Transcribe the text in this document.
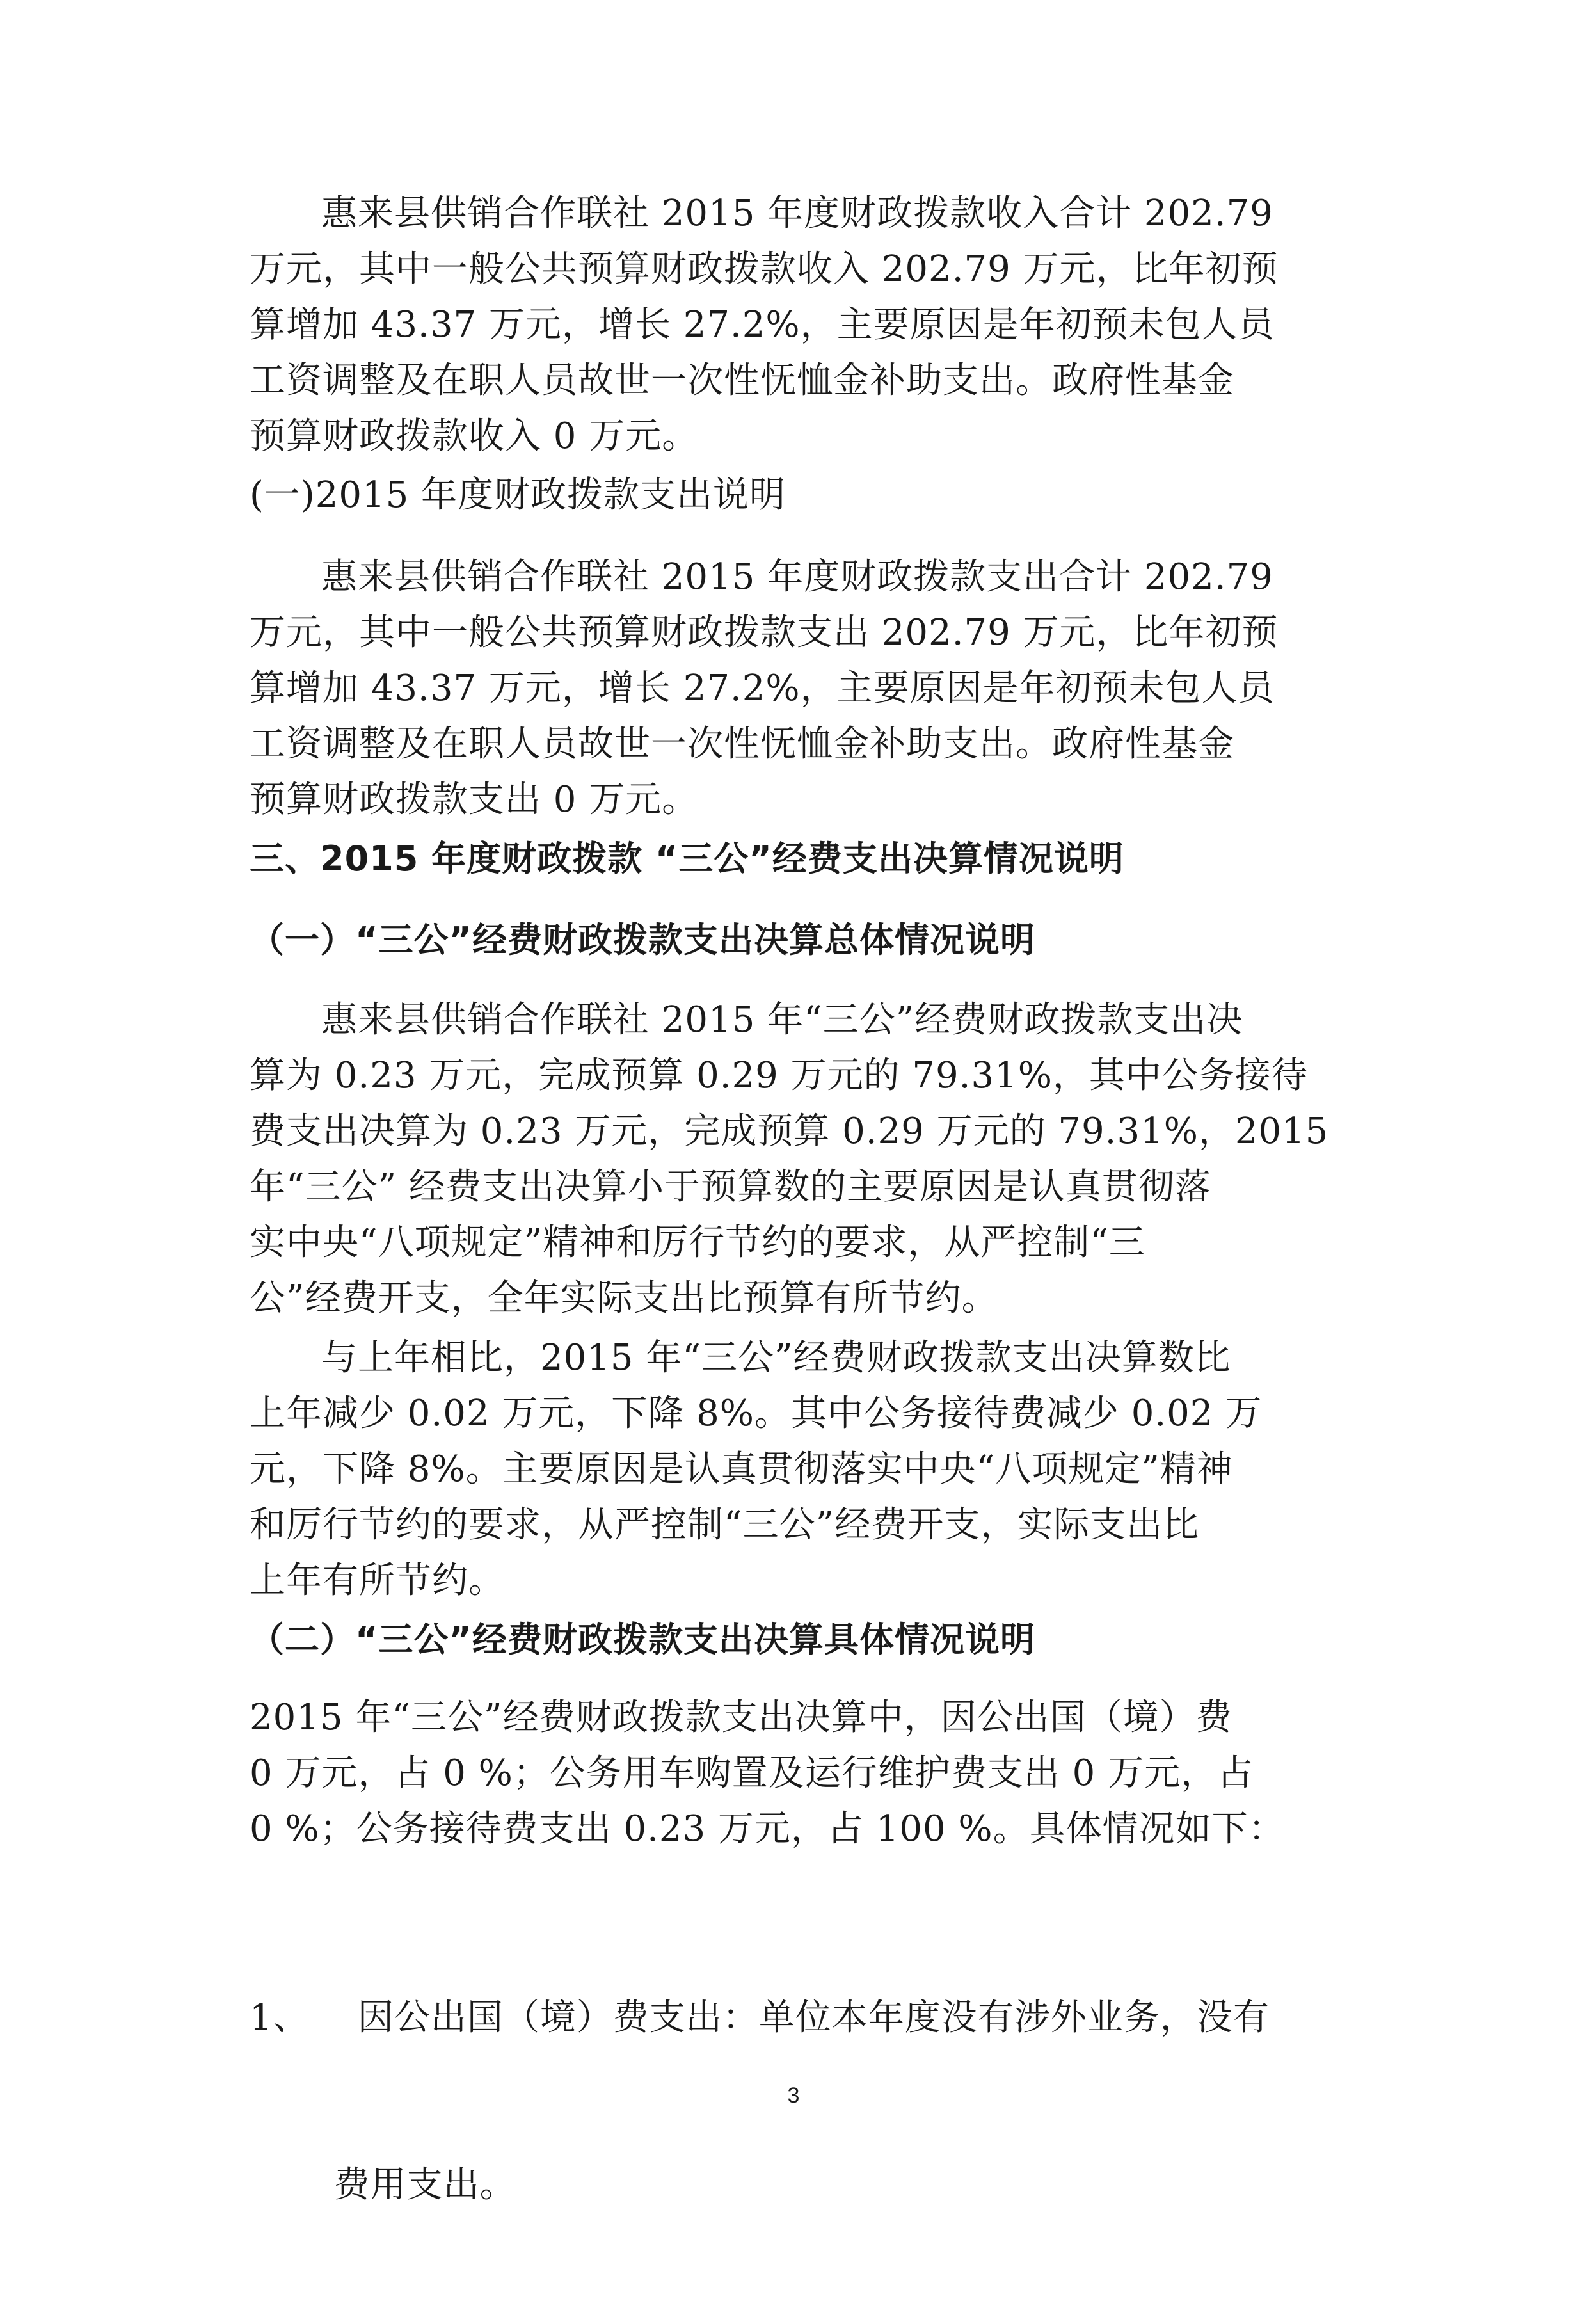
惠来县供销合作联社 2015 年度财政拨款收入合计 202.79
万元，其中一般公共预算财政拨款收入 202.79 万元，比年初预
算增加 43.37 万元，增长 27.2%，主要原因是年初预未包人员
工资调整及在职人员故世一次性怃恤金补助支出。政府性基金
预算财政拨款收入 0 万元。

(一)2015 年度财政拨款支出说明

惠来县供销合作联社 2015 年度财政拨款支出合计 202.79
万元，其中一般公共预算财政拨款支出 202.79 万元，比年初预
算增加 43.37 万元，增长 27.2%，主要原因是年初预未包人员
工资调整及在职人员故世一次性怃恤金补助支出。政府性基金
预算财政拨款支出 0 万元。

三、2015 年度财政拨款 “三公”经费支出决算情况说明

（一）“三公”经费财政拨款支出决算总体情况说明

惠来县供销合作联社 2015 年“三公”经费财政拨款支出决
算为 0.23 万元，完成预算 0.29 万元的 79.31%，其中公务接待
费支出决算为 0.23 万元，完成预算 0.29 万元的 79.31%，2015
年“三公” 经费支出决算小于预算数的主要原因是认真贯彻落
实中央“八项规定”精神和厉行节约的要求，从严控制“三
公”经费开支，全年实际支出比预算有所节约。

与上年相比，2015 年“三公”经费财政拨款支出决算数比
上年减少 0.02 万元，下降 8%。其中公务接待费减少 0.02 万
元，下降 8%。主要原因是认真贯彻落实中央“八项规定”精神
和厉行节约的要求，从严控制“三公”经费开支，实际支出比
上年有所节约。

（二）“三公”经费财政拨款支出决算具体情况说明

2015 年“三公”经费财政拨款支出决算中，因公出国（境）费
0 万元，占 0 %；公务用车购置及运行维护费支出 0 万元，占
0 %；公务接待费支出 0.23 万元，占 100 %。具体情况如下：

1、    因公出国（境）费支出：单位本年度没有涉外业务，没有

费用支出。

3
